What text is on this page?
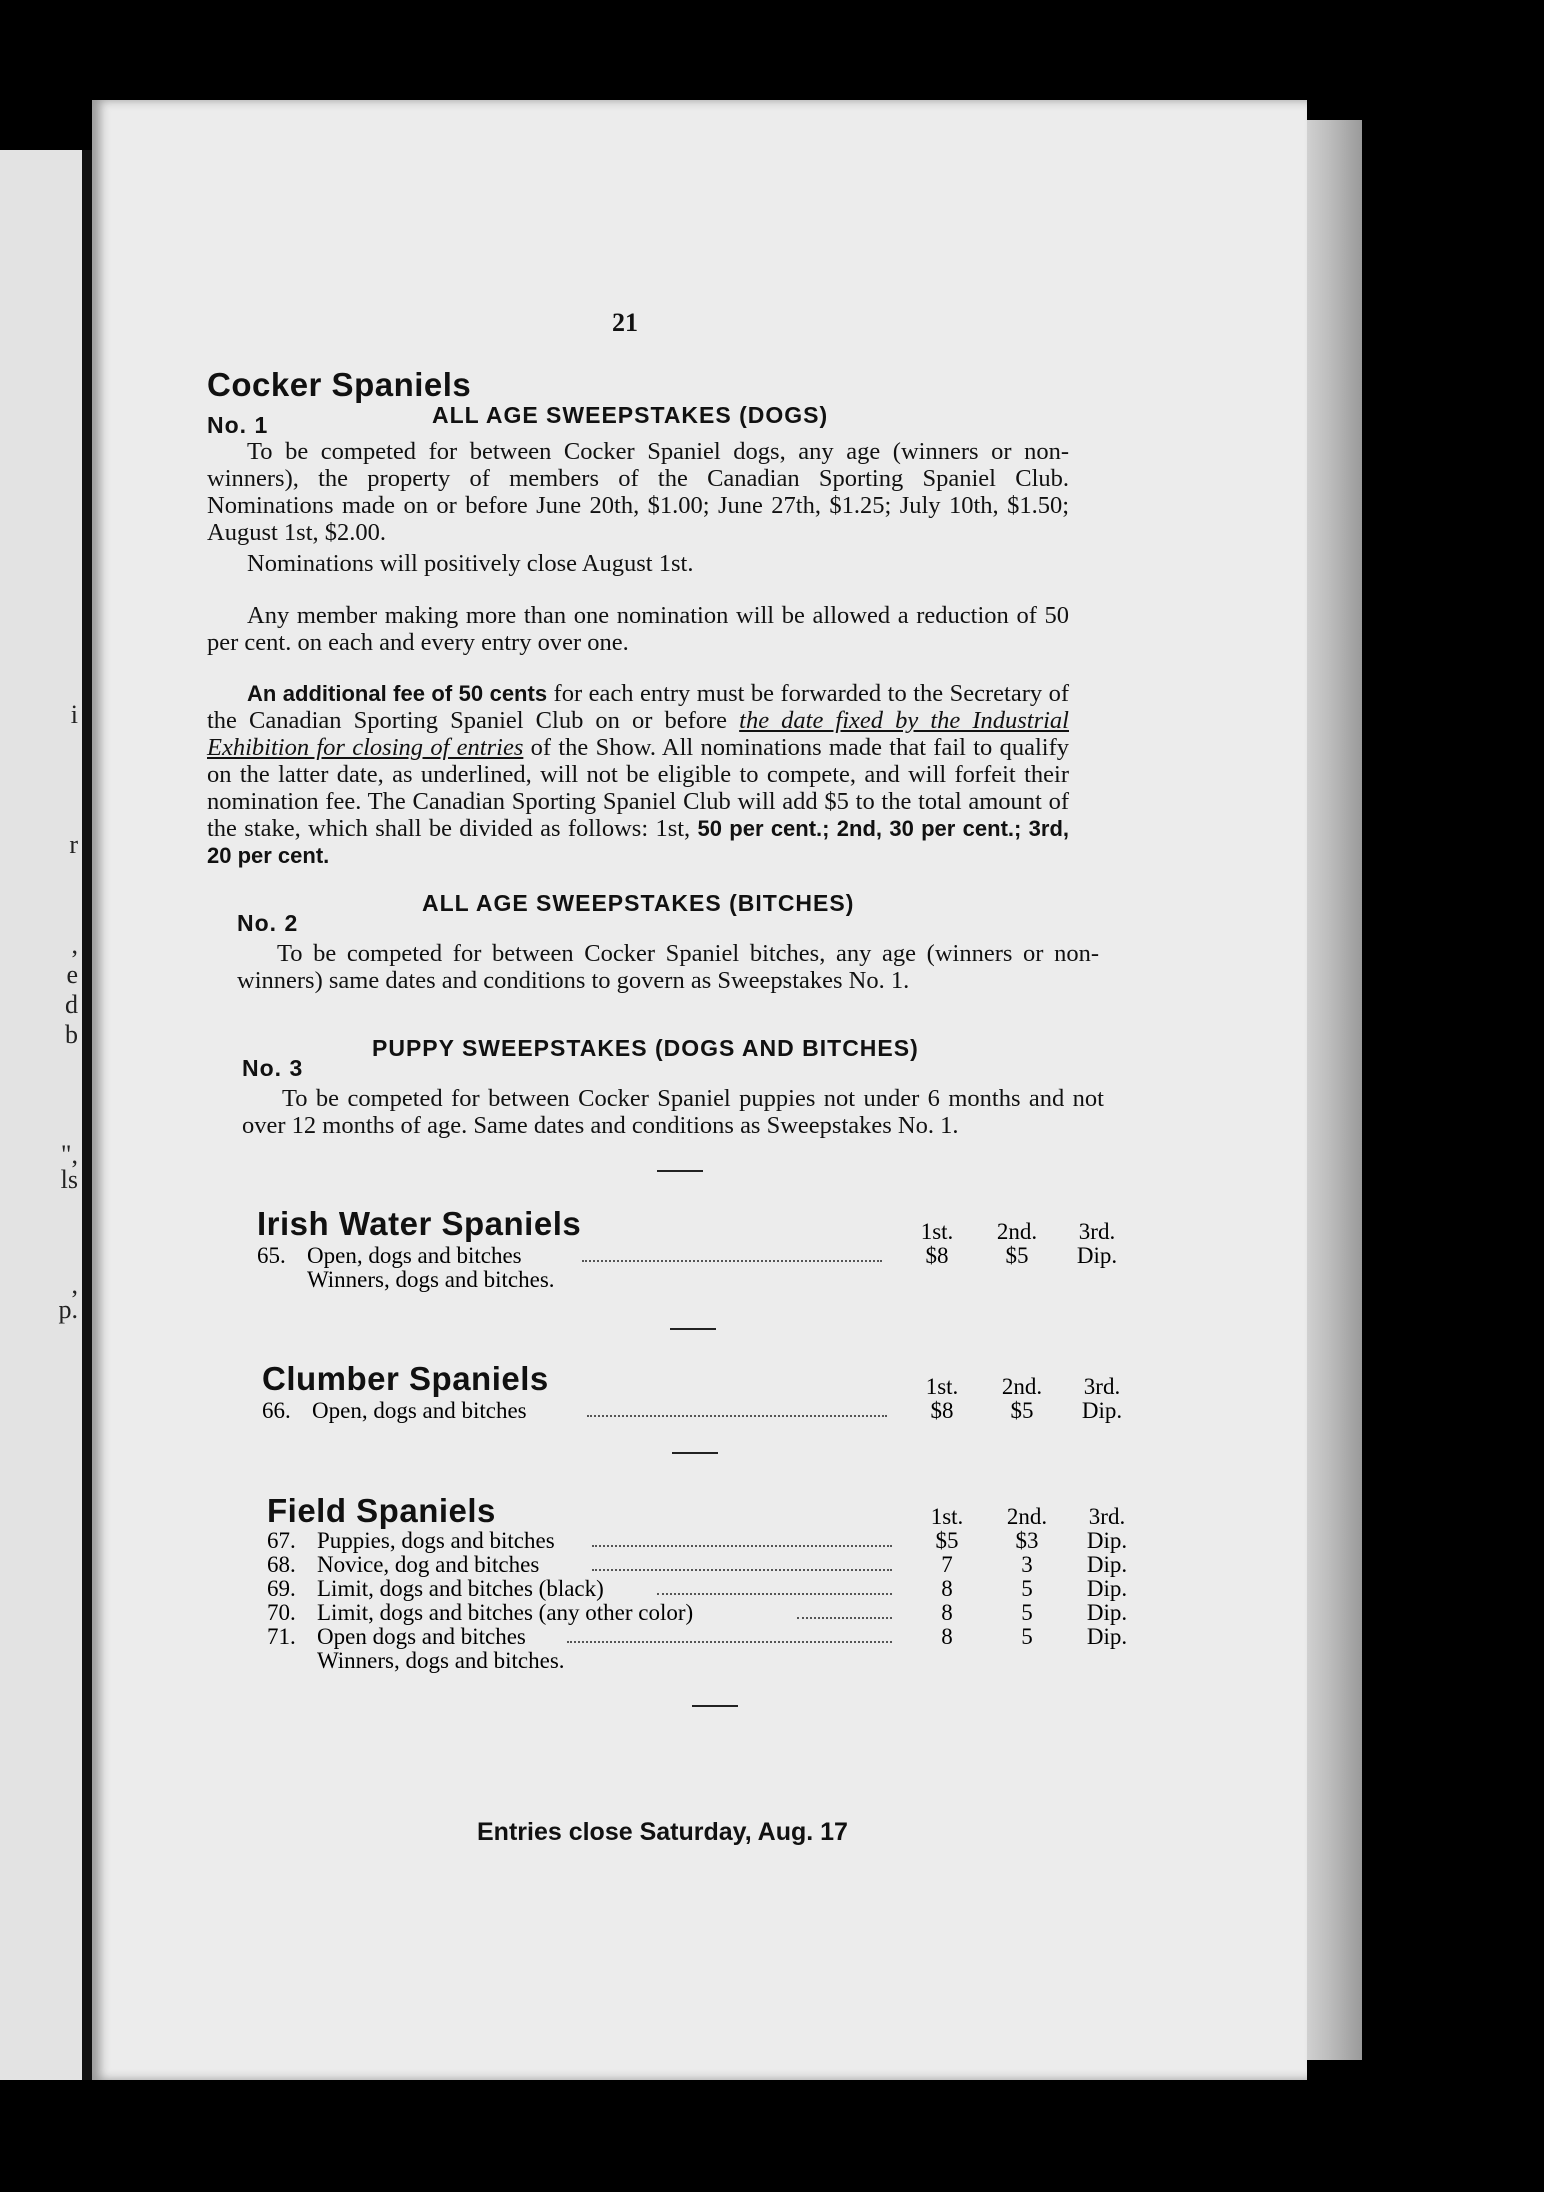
i
r
,
e
d
b
",
ls
,
p.
21
Cocker Spaniels
No. 1	ALL AGE SWEEPSTAKES (DOGS)

To be competed for between Cocker Spaniel dogs, any age (winners or non-winners), the property of members of the Canadian Sporting Spaniel Club. Nominations made on or before June 20th, $1.00; June 27th, $1.25; July 10th, $1.50; August 1st, $2.00.

Nominations will positively close August 1st.

Any member making more than one nomination will be allowed a reduction of 50 per cent. on each and every entry over one.

An additional fee of 50 cents for each entry must be forwarded to the Secretary of the Canadian Sporting Spaniel Club on or before the date fixed by the Industrial Exhibition for closing of entries of the Show. All nominations made that fail to qualify on the latter date, as underlined, will not be eligible to compete, and will forfeit their nomination fee. The Canadian Sporting Spaniel Club will add $5 to the total amount of the stake, which shall be divided as follows: 1st, 50 per cent.; 2nd, 30 per cent.; 3rd, 20 per cent.

No. 2
ALL AGE SWEEPSTAKES (BITCHES)

To be competed for between Cocker Spaniel bitches, any age (winners or non-winners) same dates and conditions to govern as Sweepstakes No. 1.

No. 3
PUPPY SWEEPSTAKES (DOGS AND BITCHES)

To be competed for between Cocker Spaniel puppies not under 6 months and not over 12 months of age. Same dates and conditions as Sweepstakes No. 1.

Irish Water Spaniels	1st.	2nd.	3rd.
65. Open, dogs and bitches	$8	$5	Dip.
Winners, dogs and bitches.
Clumber Spaniels	1st.	2nd.	3rd.
66. Open, dogs and bitches	$8	$5	Dip.
Field Spaniels	1st.	2nd.	3rd.
67. Puppies, dogs and bitches	$5	$3	Dip.
68. Novice, dog and bitches	7	3	Dip.
69. Limit, dogs and bitches (black)	8	5	Dip.
70. Limit, dogs and bitches (any other color)	8	5	Dip.
71. Open dogs and bitches	8	5	Dip.
Winners, dogs and bitches.
Entries close Saturday, Aug. 17
